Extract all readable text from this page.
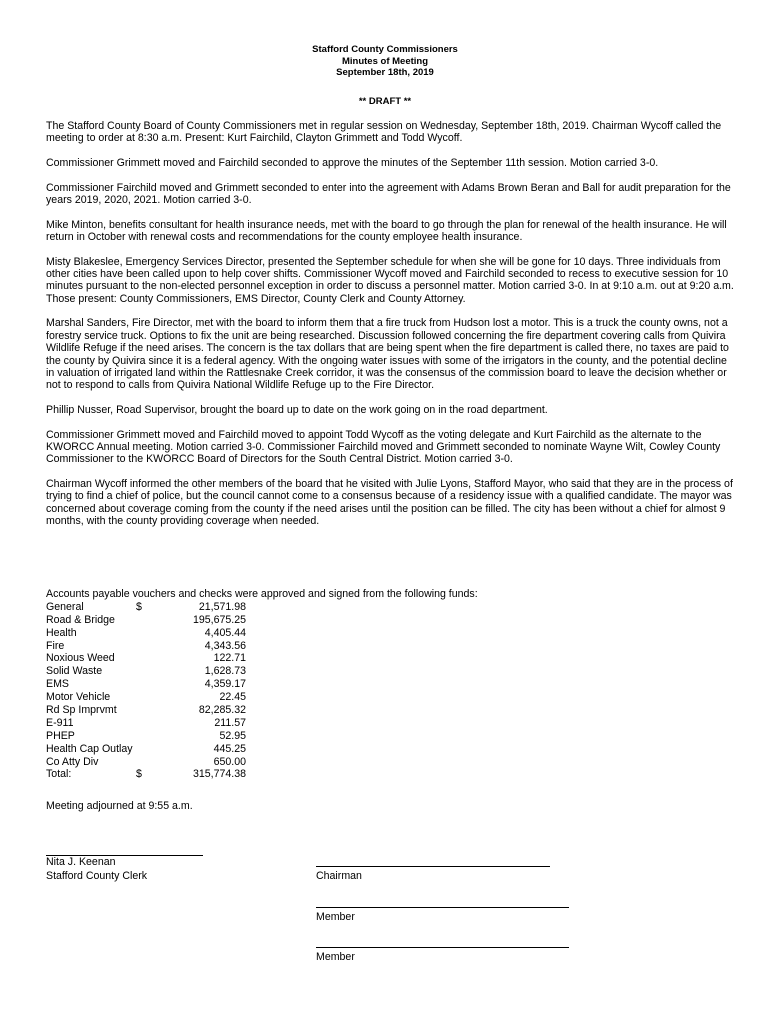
Stafford County Commissioners
Minutes of Meeting
September 18th, 2019
** DRAFT **

The Stafford County Board of County Commissioners met in regular session on Wednesday, September 18th, 2019. Chairman Wycoff called the meeting to order at 8:30 a.m. Present: Kurt Fairchild, Clayton Grimmett and Todd Wycoff.

Commissioner Grimmett moved and Fairchild seconded to approve the minutes of the September 11th session. Motion carried 3-0.

Commissioner Fairchild moved and Grimmett seconded to enter into the agreement with Adams Brown Beran and Ball for audit preparation for the years 2019, 2020, 2021. Motion carried 3-0.

Mike Minton, benefits consultant for health insurance needs, met with the board to go through the plan for renewal of the health insurance. He will return in October with renewal costs and recommendations for the county employee health insurance.

Misty Blakeslee, Emergency Services Director, presented the September schedule for when she will be gone for 10 days. Three individuals from other cities have been called upon to help cover shifts. Commissioner Wycoff moved and Fairchild seconded to recess to executive session for 10 minutes pursuant to the non-elected personnel exception in order to discuss a personnel matter. Motion carried 3-0. In at 9:10 a.m. out at 9:20 a.m. Those present: County Commissioners, EMS Director, County Clerk and County Attorney.

Marshal Sanders, Fire Director, met with the board to inform them that a fire truck from Hudson lost a motor. This is a truck the county owns, not a forestry service truck. Options to fix the unit are being researched. Discussion followed concerning the fire department covering calls from Quivira Wildlife Refuge if the need arises. The concern is the tax dollars that are being spent when the fire department is called there, no taxes are paid to the county by Quivira since it is a federal agency. With the ongoing water issues with some of the irrigators in the county, and the potential decline in valuation of irrigated land within the Rattlesnake Creek corridor, it was the consensus of the commission board to leave the decision whether or not to respond to calls from Quivira National Wildlife Refuge up to the Fire Director.

Phillip Nusser, Road Supervisor, brought the board up to date on the work going on in the road department.

Commissioner Grimmett moved and Fairchild moved to appoint Todd Wycoff as the voting delegate and Kurt Fairchild as the alternate to the KWORCC Annual meeting. Motion carried 3-0. Commissioner Fairchild moved and Grimmett seconded to nominate Wayne Wilt, Cowley County Commissioner to the KWORCC Board of Directors for the South Central District. Motion carried 3-0.

Chairman Wycoff informed the other members of the board that he visited with Julie Lyons, Stafford Mayor, who said that they are in the process of trying to find a chief of police, but the council cannot come to a consensus because of a residency issue with a qualified candidate. The mayor was concerned about coverage coming from the county if the need arises until the position can be filled. The city has been without a chief for almost 9 months, with the county providing coverage when needed.

Accounts payable vouchers and checks were approved and signed from the following funds:
General	$	21,571.98
Road & Bridge	195,675.25
Health	4,405.44
Fire	4,343.56
Noxious Weed	122.71
Solid Waste	1,628.73
EMS	4,359.17
Motor Vehicle	22.45
Rd Sp Imprvmt	82,285.32
E-911	211.57
PHEP	52.95
Health Cap Outlay	445.25
Co Atty Div	650.00
Total:	$	315,774.38
Meeting adjourned at 9:55 a.m.
Nita J. Keenan
Stafford County Clerk	Chairman
Member
Member
